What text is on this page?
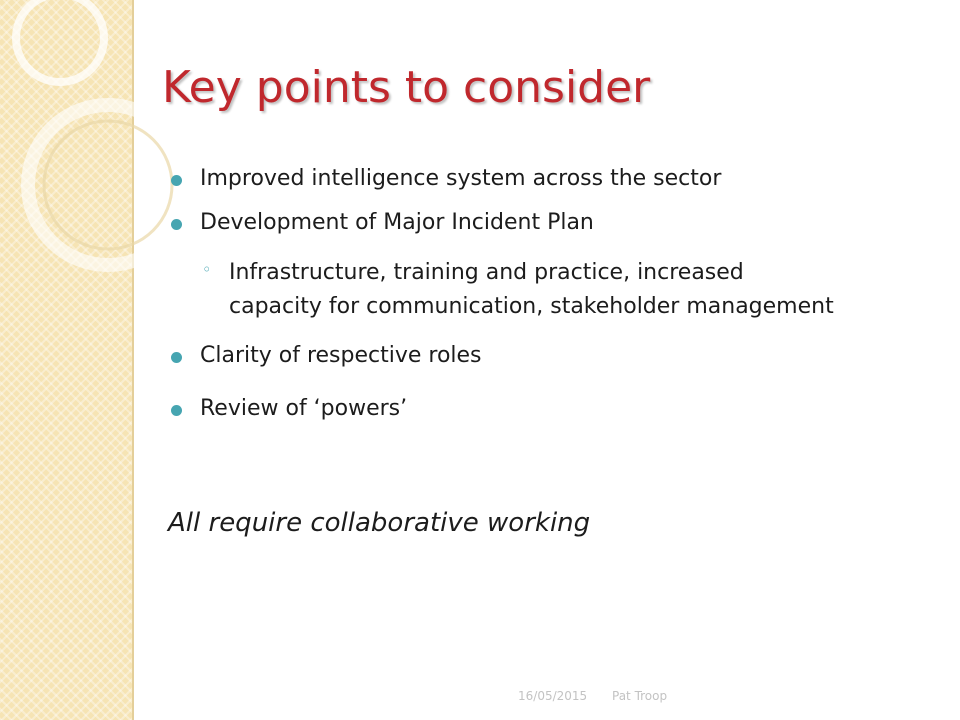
Key points to consider
Improved intelligence system across the sector
Development of Major Incident Plan
◦ Infrastructure, training and practice, increased
capacity for communication, stakeholder management
Clarity of respective roles
Review of ‘powers’
All require collaborative working
16/05/2015 Pat Troop
